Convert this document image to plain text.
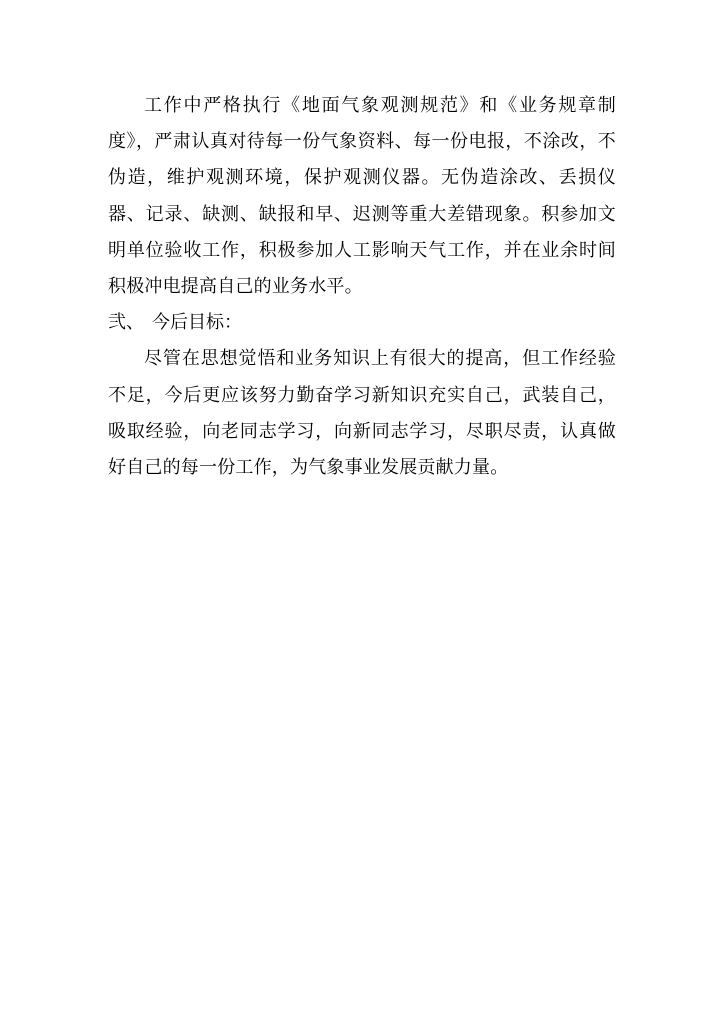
工作中严格执行《地面气象观测规范》和《业务规章制度》，严肃认真对待每一份气象资料、每一份电报，不涂改，不伪造，维护观测环境，保护观测仪器。无伪造涂改、丢损仪器、记录、缺测、缺报和早、迟测等重大差错现象。积参加文明单位验收工作，积极参加人工影响天气工作，并在业余时间积极冲电提高自己的业务水平。

弐、 今后目标：

尽管在思想觉悟和业务知识上有很大的提高，但工作经验不足，今后更应该努力勤奋学习新知识充实自己，武装自己，吸取经验，向老同志学习，向新同志学习，尽职尽责，认真做好自己的每一份工作，为气象事业发展贡献力量。
